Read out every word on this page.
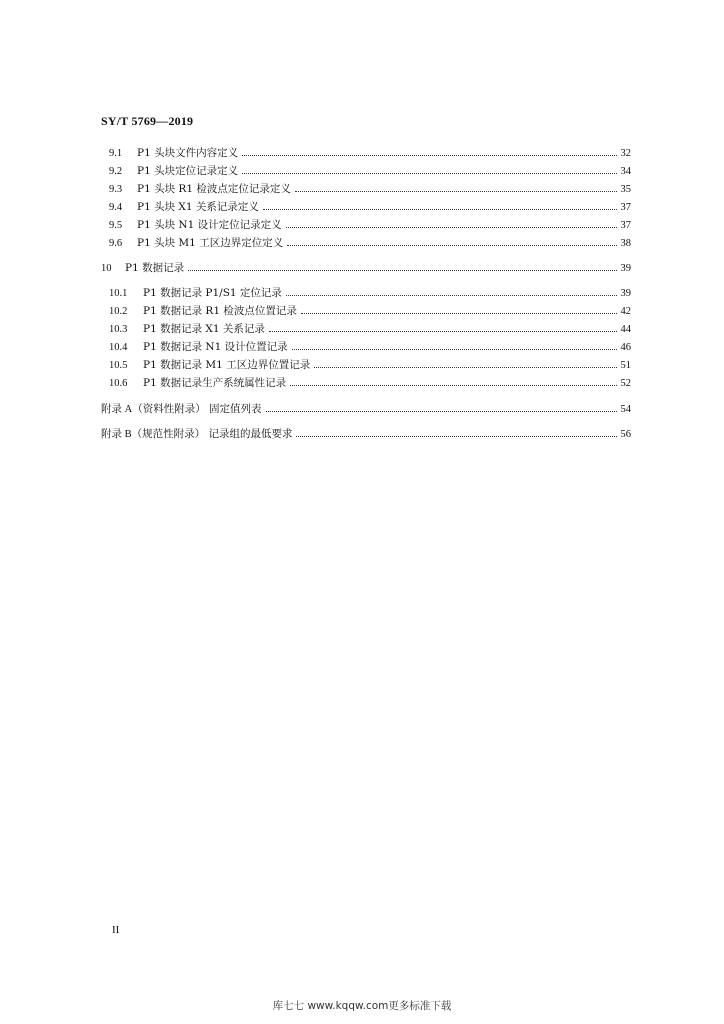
SY/T 5769—2019
9.1	P1 头块文件内容定义	32
9.2	P1 头块定位记录定义	34
9.3	P1 头块 R1 检波点定位记录定义	35
9.4	P1 头块 X1 关系记录定义	37
9.5	P1 头块 N1 设计定位记录定义	37
9.6	P1 头块 M1 工区边界定位定义	38
10	P1 数据记录	39
10.1	P1 数据记录 P1/S1 定位记录	39
10.2	P1 数据记录 R1 检波点位置记录	42
10.3	P1 数据记录 X1 关系记录	44
10.4	P1 数据记录 N1 设计位置记录	46
10.5	P1 数据记录 M1 工区边界位置记录	51
10.6	P1 数据记录生产系统属性记录	52
附录 A （资料性附录） 固定值列表	54
附录 B （规范性附录） 记录组的最低要求	56
II
库七七 www.kqqw.com更多标准下载
